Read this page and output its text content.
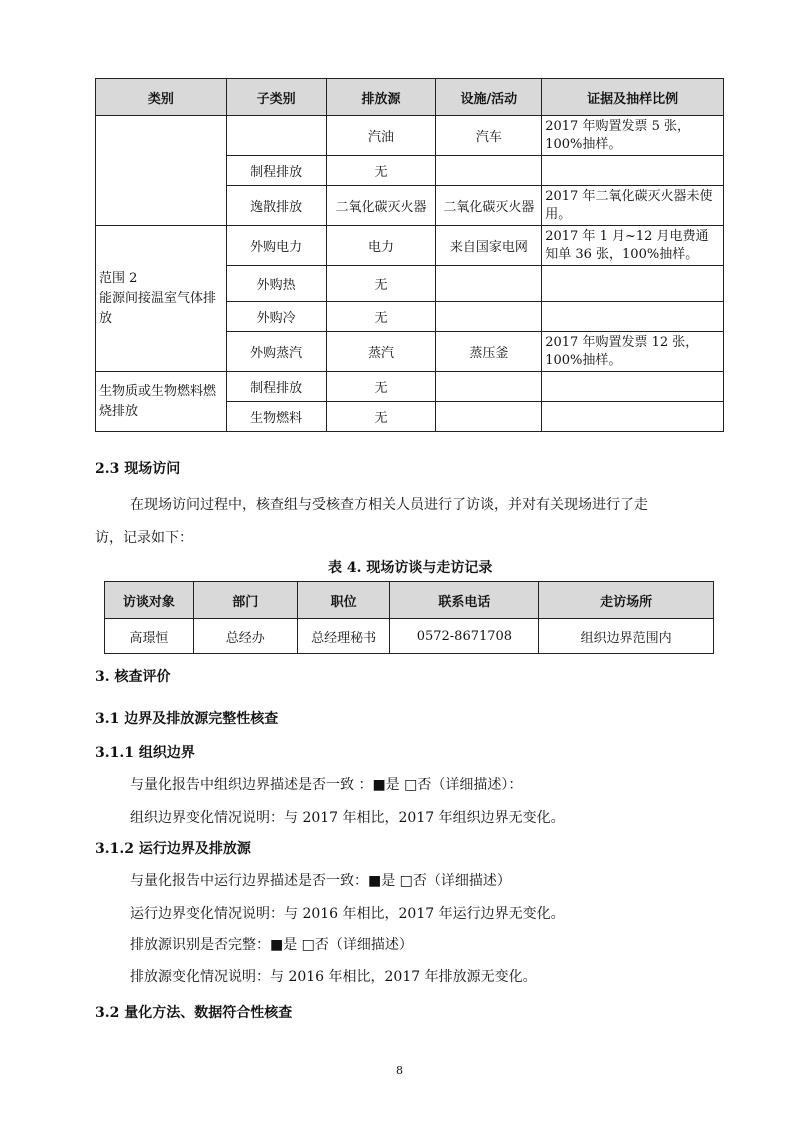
类别	子类别	排放源	设施/活动	证据及抽样比例
		汽油	汽车	2017 年购置发票 5 张，100%抽样。
	制程排放	无		
	逸散排放	二氧化碳灭火器	二氧化碳灭火器	2017 年二氧化碳灭火器未使用。
范围 2
能源间接温室气体排放	外购电力	电力	来自国家电网	2017 年 1 月~12 月电费通知单 36 张，100%抽样。
	外购热	无		
	外购冷	无		
	外购蒸汽	蒸汽	蒸压釜	2017 年购置发票 12 张，100%抽样。
生物质或生物燃料燃烧排放	制程排放	无		
	生物燃料	无		

2.3 现场访问

在现场访问过程中，核查组与受核查方相关人员进行了访谈，并对有关现场进行了走

访，记录如下：

表 4. 现场访谈与走访记录

访谈对象	部门	职位	联系电话	走访场所
高璟恒	总经办	总经理秘书	0572-8671708	组织边界范围内

3. 核查评价

3.1 边界及排放源完整性核查

3.1.1 组织边界

与量化报告中组织边界描述是否一致 ：■是 □否（详细描述）：

组织边界变化情况说明：与 2017 年相比，2017 年组织边界无变化。

3.1.2 运行边界及排放源

与量化报告中运行边界描述是否一致：■是 □否（详细描述）

运行边界变化情况说明：与 2016 年相比，2017 年运行边界无变化。

排放源识别是否完整：■是 □否（详细描述）

排放源变化情况说明：与 2016 年相比，2017 年排放源无变化。

3.2 量化方法、数据符合性核查

8
